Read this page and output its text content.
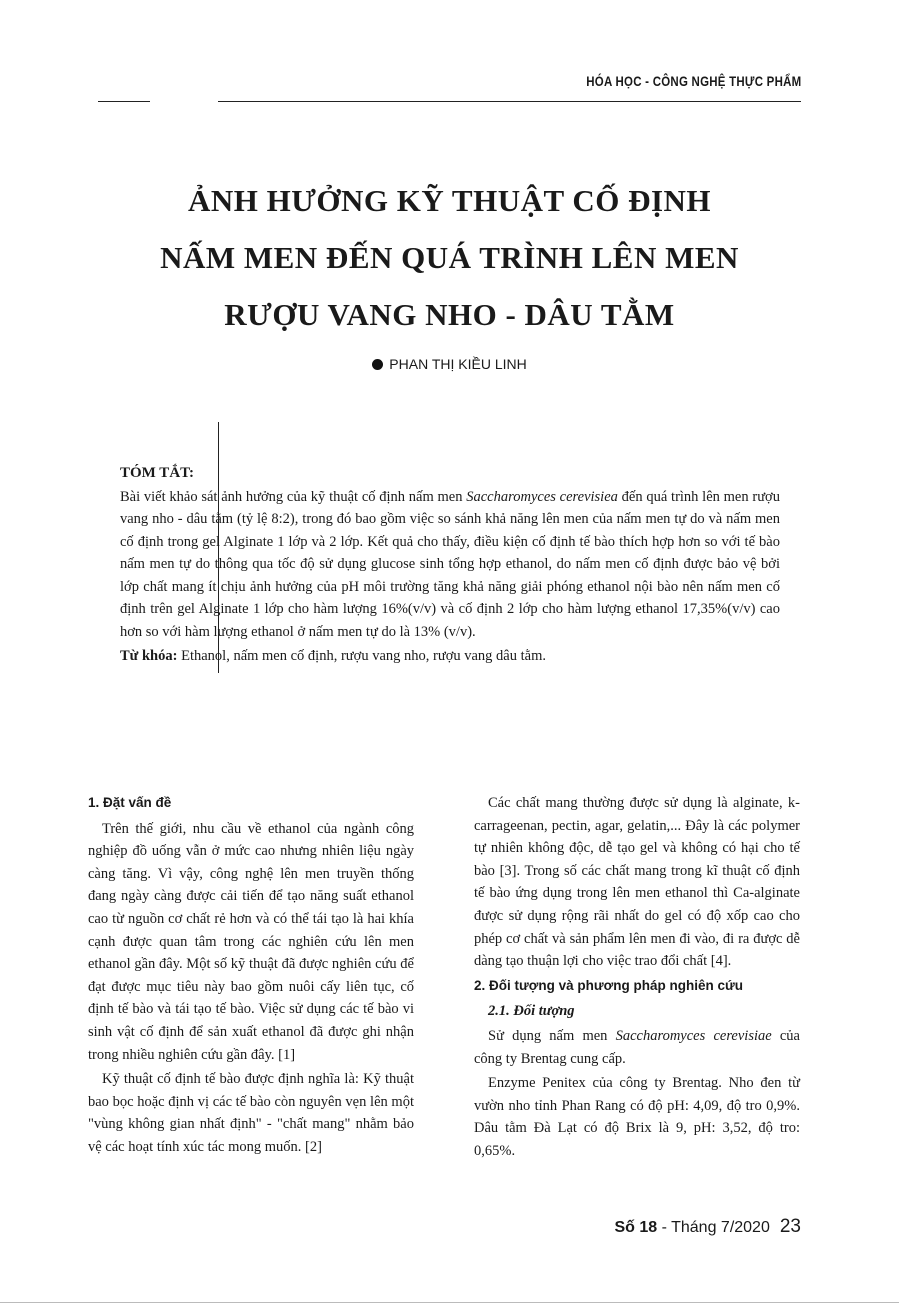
HÓA HỌC - CÔNG NGHỆ THỰC PHẨM
ẢNH HƯỞNG KỸ THUẬT CỐ ĐỊNH
NẤM MEN ĐẾN QUÁ TRÌNH LÊN MEN
RƯỢU VANG NHO - DÂU TẰM
PHAN THỊ KIỀU LINH
TÓM TẮT:

Bài viết khảo sát ảnh hưởng của kỹ thuật cố định nấm men Saccharomyces cerevisiea đến quá trình lên men rượu vang nho - dâu tằm (tỷ lệ 8:2), trong đó bao gồm việc so sánh khả năng lên men của nấm men tự do và nấm men cố định trong gel Alginate 1 lớp và 2 lớp. Kết quả cho thấy, điều kiện cố định tế bào thích hợp hơn so với tế bào nấm men tự do thông qua tốc độ sử dụng glucose sinh tổng hợp ethanol, do nấm men cố định được bảo vệ bởi lớp chất mang ít chịu ảnh hưởng của pH môi trường tăng khả năng giải phóng ethanol nội bào nên nấm men cố định trên gel Alginate 1 lớp cho hàm lượng 16%(v/v) và cố định 2 lớp cho hàm lượng ethanol 17,35%(v/v) cao hơn so với hàm lượng ethanol ở nấm men tự do là 13% (v/v).

Từ khóa: Ethanol, nấm men cố định, rượu vang nho, rượu vang dâu tằm.

1. Đặt vấn đề

Trên thế giới, nhu cầu về ethanol của ngành công nghiệp đồ uống vẫn ở mức cao nhưng nhiên liệu ngày càng tăng. Vì vậy, công nghệ lên men truyền thống đang ngày càng được cải tiến để tạo năng suất ethanol cao từ nguồn cơ chất rẻ hơn và có thể tái tạo là hai khía cạnh được quan tâm trong các nghiên cứu lên men ethanol gần đây. Một số kỹ thuật đã được nghiên cứu để đạt được mục tiêu này bao gồm nuôi cấy liên tục, cố định tế bào và tái tạo tế bào. Việc sử dụng các tế bào vi sinh vật cố định để sản xuất ethanol đã được ghi nhận trong nhiều nghiên cứu gần đây. [1]

Kỹ thuật cố định tế bào được định nghĩa là: Kỹ thuật bao bọc hoặc định vị các tế bào còn nguyên vẹn lên một "vùng không gian nhất định" - "chất mang" nhằm bảo vệ các hoạt tính xúc tác mong muốn. [2]

Các chất mang thường được sử dụng là alginate, k-carrageenan, pectin, agar, gelatin,... Đây là các polymer tự nhiên không độc, dễ tạo gel và không có hại cho tế bào [3]. Trong số các chất mang trong kĩ thuật cố định tế bào ứng dụng trong lên men ethanol thì Ca-alginate được sử dụng rộng rãi nhất do gel có độ xốp cao cho phép cơ chất và sản phẩm lên men đi vào, đi ra được dễ dàng tạo thuận lợi cho việc trao đổi chất [4].

2. Đối tượng và phương pháp nghiên cứu

2.1. Đối tượng

Sử dụng nấm men Saccharomyces cerevisiae của công ty Brentag cung cấp.

Enzyme Penitex của công ty Brentag. Nho đen từ vườn nho tỉnh Phan Rang có độ pH: 4,09, độ tro 0,9%. Dâu tằm Đà Lạt có độ Brix là 9, pH: 3,52, độ tro: 0,65%.

Số 18 - Tháng 7/2020 23
